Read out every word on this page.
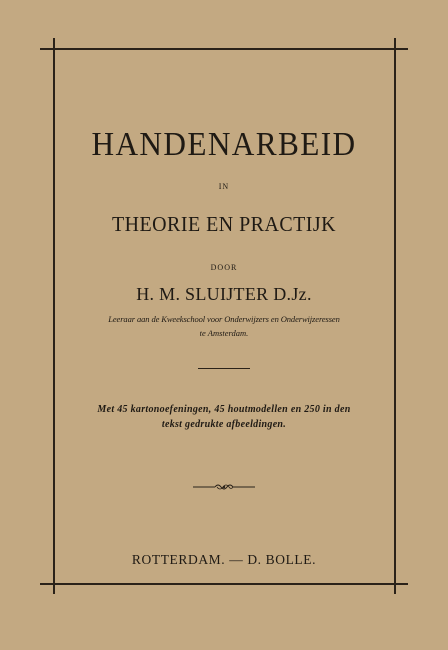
HANDENARBEID
IN
THEORIE EN PRACTIJK
DOOR
H. M. SLUIJTER D.Jz.
Leeraar aan de Kweekschool voor Onderwijzers en Onderwijzeressen
te Amsterdam.
Met 45 kartonoefeningen, 45 houtmodellen en 250 in den
tekst gedrukte afbeeldingen.
ROTTERDAM. — D. BOLLE.
